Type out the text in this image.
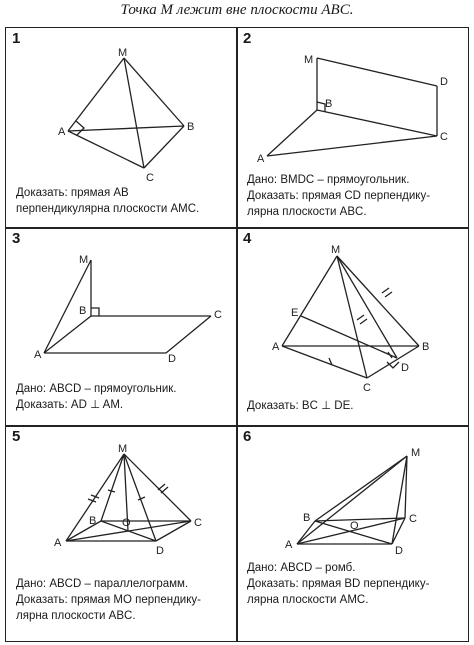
Точка M лежит вне плоскости ABC.
1
M
A	B
C
Доказать: прямая AB
перпендикулярна плоскости AMC.
2
M
D
B
C
A
Дано: BMDC – прямоугольник.
Доказать: прямая CD перпендику-
лярна плоскости ABC.
3
M
B	C
A	D
Дано: ABCD – прямоугольник.
Доказать: AD ⊥ AM.
4
M
E
A	B
C
D
Доказать: BC ⊥ DE.
5
M
B O	C
A
D
Дано: ABCD – параллелограмм.
Доказать: прямая MO перпендику-
лярна плоскости ABC.
6
M
B
O
C
A	D
Дано: ABCD – ромб.
Доказать: прямая BD перпендику-
лярна плоскости AMC.
